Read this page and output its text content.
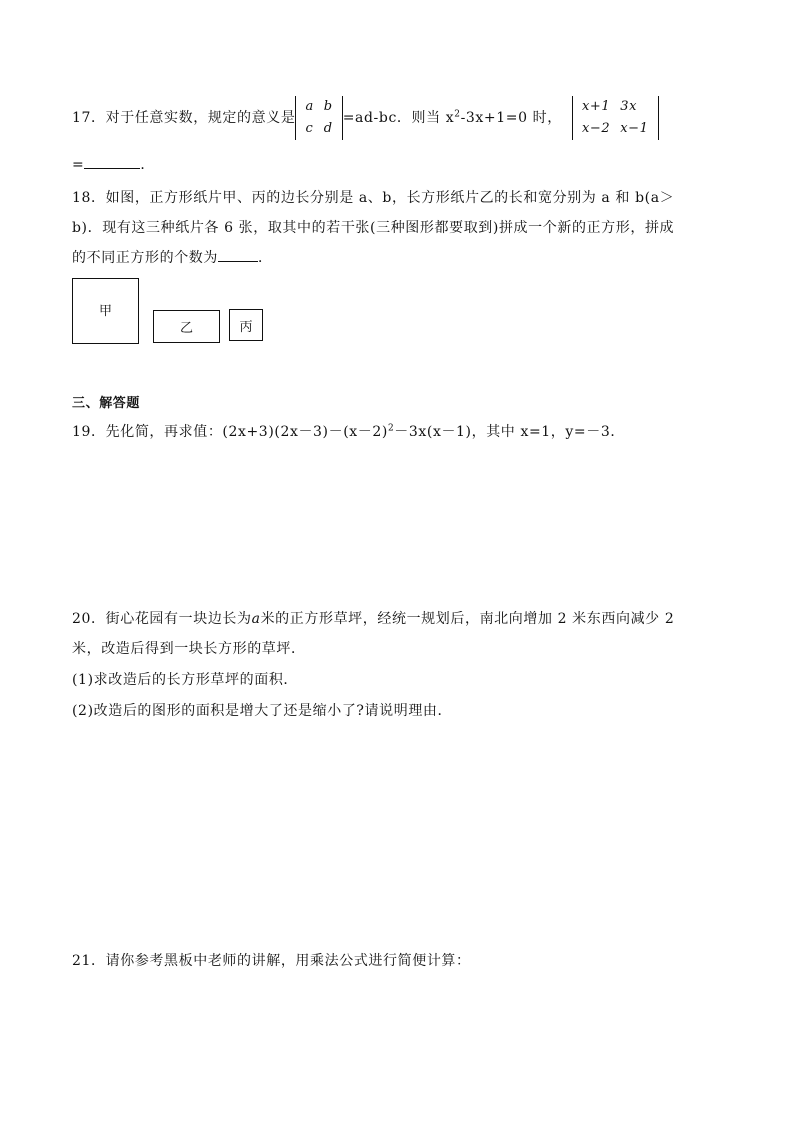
17．对于任意实数，规定的意义是
a	b
c	d
=ad-bc．则当 $x^2-3x+1=0$ 时，
x+1	3x
x−2	x−1
=	．
18．如图，正方形纸片甲、丙的边长分别是 a、b，长方形纸片乙的长和宽分别为 a 和 b(a＞
b)．现有这三种纸片各 6 张，取其中的若干张(三种图形都要取到)拼成一个新的正方形，拼成
的不同正方形的个数为	．
甲
乙	丙
三、解答题
19．先化简，再求值：$(2x+3)(2x-3)-(x-2)^2-3x(x-1)$，其中 x=1，y=－3．
20．街心花园有一块边长为a米的正方形草坪，经统一规划后，南北向增加 2 米东西向减少 2
米，改造后得到一块长方形的草坪．
(1)求改造后的长方形草坪的面积．
(2)改造后的图形的面积是增大了还是缩小了?请说明理由．
21．请你参考黑板中老师的讲解，用乘法公式进行简便计算：
